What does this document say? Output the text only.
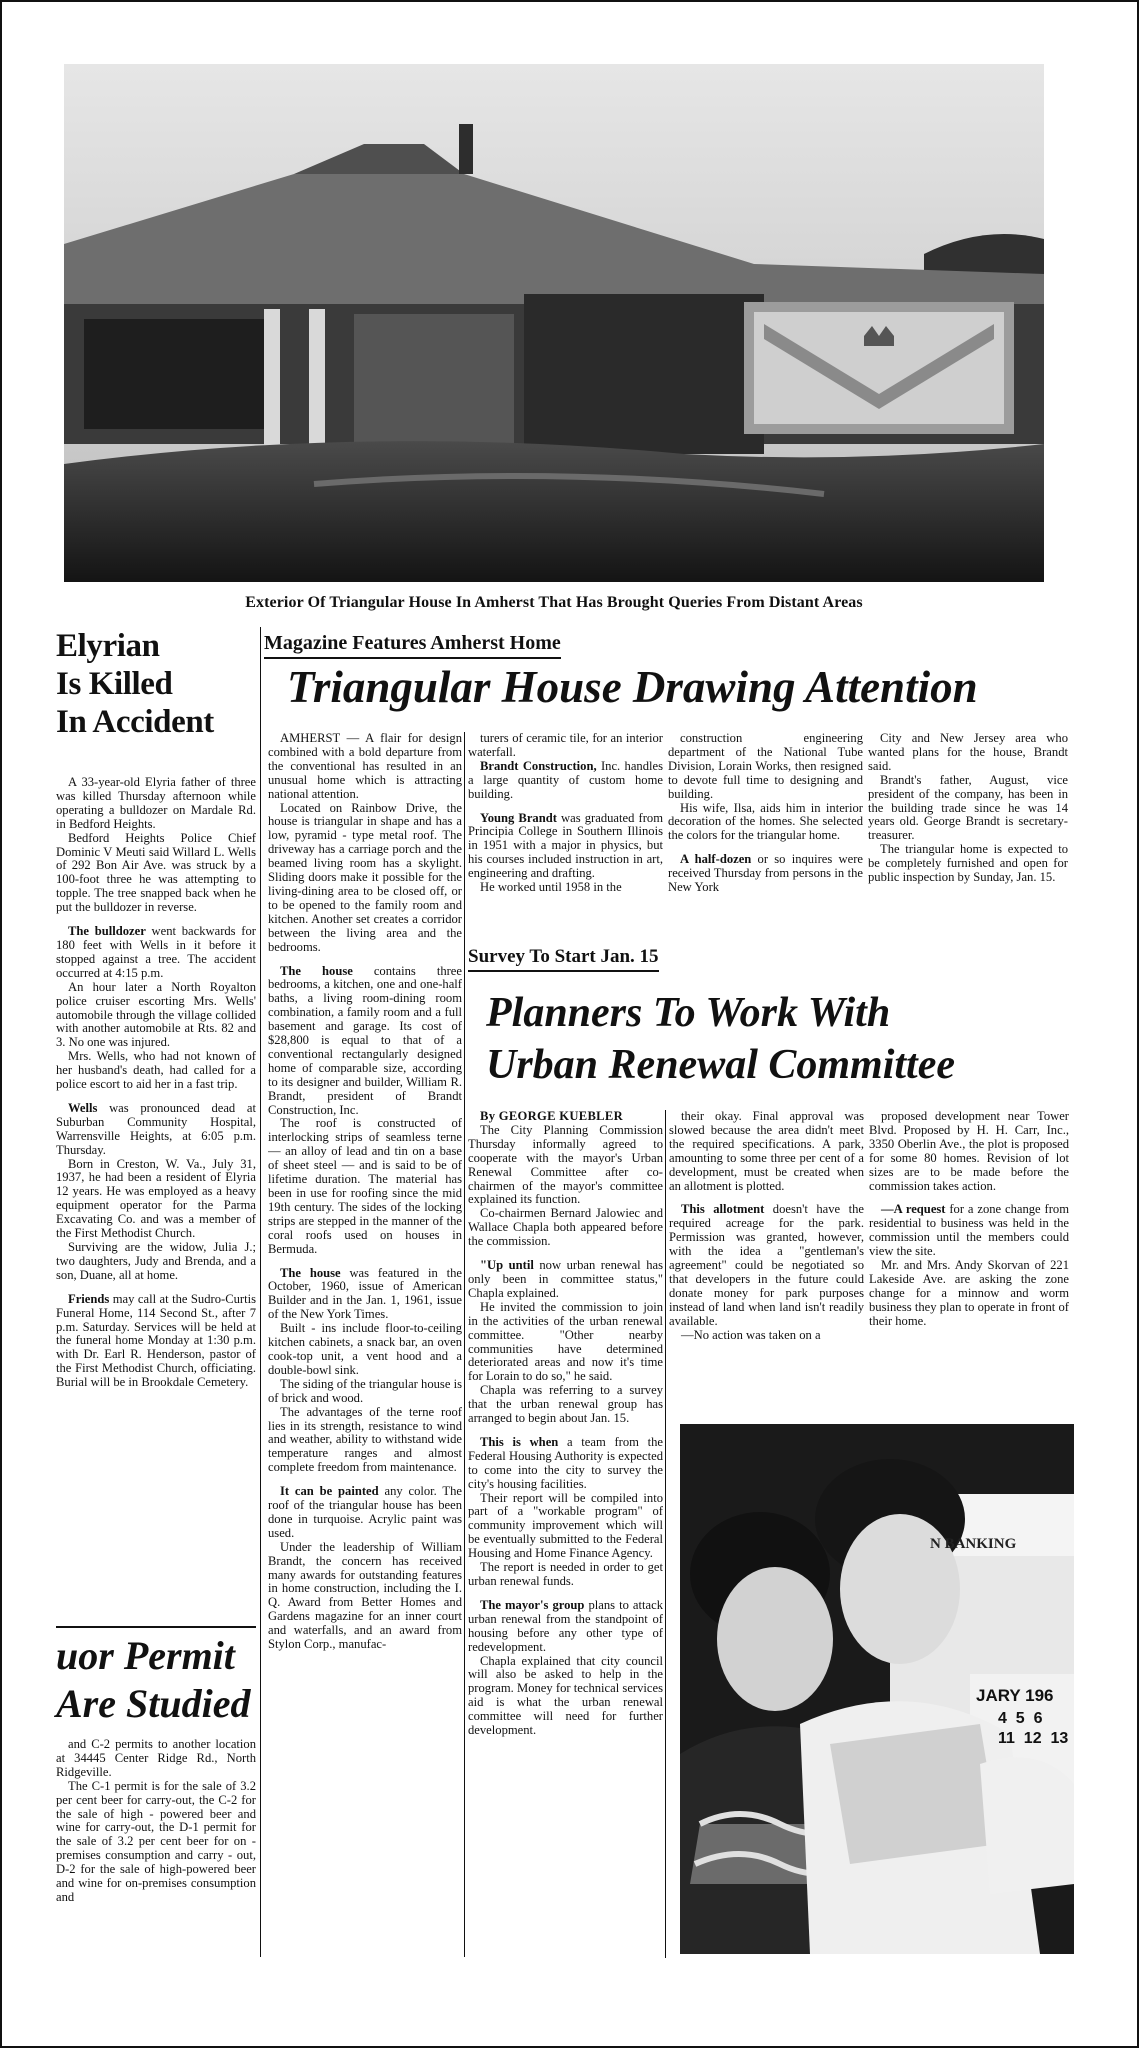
Exterior Of Triangular House In Amherst That Has Brought Queries From Distant Areas
Elyrian
Is Killed
In Accident

A 33-year-old Elyria father of three was killed Thursday afternoon while operating a bulldozer on Mardale Rd. in Bedford Heights.

Bedford Heights Police Chief Dominic V Meuti said Willard L. Wells of 292 Bon Air Ave. was struck by a 100-foot three he was attempting to topple. The tree snapped back when he put the bulldozer in reverse.

The bulldozer went backwards for 180 feet with Wells in it before it stopped against a tree. The accident occurred at 4:15 p.m.

An hour later a North Royalton police cruiser escorting Mrs. Wells' automobile through the village collided with another automobile at Rts. 82 and 3. No one was injured.

Mrs. Wells, who had not known of her husband's death, had called for a police escort to aid her in a fast trip.

Wells was pronounced dead at Suburban Community Hospital, Warrensville Heights, at 6:05 p.m. Thursday.

Born in Creston, W. Va., July 31, 1937, he had been a resident of Elyria 12 years. He was employed as a heavy equipment operator for the Parma Excavating Co. and was a member of the First Methodist Church.

Surviving are the widow, Julia J.; two daughters, Judy and Brenda, and a son, Duane, all at home.

Friends may call at the Sudro-Curtis Funeral Home, 114 Second St., after 7 p.m. Saturday. Services will be held at the funeral home Monday at 1:30 p.m. with Dr. Earl R. Henderson, pastor of the First Methodist Church, officiating. Burial will be in Brookdale Cemetery.

uor Permit
Are Studied

and C-2 permits to another location at 34445 Center Ridge Rd., North Ridgeville.

The C-1 permit is for the sale of 3.2 per cent beer for carry-out, the C-2 for the sale of high - powered beer and wine for carry-out, the D-1 permit for the sale of 3.2 per cent beer for on - premises consumption and carry - out, D-2 for the sale of high-powered beer and wine for on-premises consumption and

Magazine Features Amherst Home
Triangular House Drawing Attention

AMHERST — A flair for design combined with a bold departure from the conventional has resulted in an unusual home which is attracting national attention.

Located on Rainbow Drive, the house is triangular in shape and has a low, pyramid - type metal roof. The driveway has a carriage porch and the beamed living room has a skylight. Sliding doors make it possible for the living-dining area to be closed off, or to be opened to the family room and kitchen. Another set creates a corridor between the living area and the bedrooms.

The house contains three bedrooms, a kitchen, one and one-half baths, a living room-dining room combination, a family room and a full basement and garage. Its cost of $28,800 is equal to that of a conventional rectangularly designed home of comparable size, according to its designer and builder, William R. Brandt, president of Brandt Construction, Inc.

The roof is constructed of interlocking strips of seamless terne — an alloy of lead and tin on a base of sheet steel — and is said to be of lifetime duration. The material has been in use for roofing since the mid 19th century. The sides of the locking strips are stepped in the manner of the coral roofs used on houses in Bermuda.

The house was featured in the October, 1960, issue of American Builder and in the Jan. 1, 1961, issue of the New York Times.

Built - ins include floor-to-ceiling kitchen cabinets, a snack bar, an oven cook-top unit, a vent hood and a double-bowl sink.

The siding of the triangular house is of brick and wood.

The advantages of the terne roof lies in its strength, resistance to wind and weather, ability to withstand wide temperature ranges and almost complete freedom from maintenance.

It can be painted any color. The roof of the triangular house has been done in turquoise. Acrylic paint was used.

Under the leadership of William Brandt, the concern has received many awards for outstanding features in home construction, including the I. Q. Award from Better Homes and Gardens magazine for an inner court and waterfalls, and an award from Stylon Corp., manufac-

turers of ceramic tile, for an interior waterfall.

Brandt Construction, Inc. handles a large quantity of custom home building.

Young Brandt was graduated from Principia College in Southern Illinois in 1951 with a major in physics, but his courses included instruction in art, engineering and drafting.

He worked until 1958 in the

construction engineering department of the National Tube Division, Lorain Works, then resigned to devote full time to designing and building.

His wife, Ilsa, aids him in interior decoration of the homes. She selected the colors for the triangular home.

A half-dozen or so inquires were received Thursday from persons in the New York

City and New Jersey area who wanted plans for the house, Brandt said.

Brandt's father, August, vice president of the company, has been in the building trade since he was 14 years old. George Brandt is secretary-treasurer.

The triangular home is expected to be completely furnished and open for public inspection by Sunday, Jan. 15.

Survey To Start Jan. 15
Planners To Work With
Urban Renewal Committee

By GEORGE KUEBLER

The City Planning Commission Thursday informally agreed to cooperate with the mayor's Urban Renewal Committee after co-chairmen of the mayor's committee explained its function.

Co-chairmen Bernard Jalowiec and Wallace Chapla both appeared before the commission.

"Up until now urban renewal has only been in committee status," Chapla explained.

He invited the commission to join in the activities of the urban renewal committee. "Other nearby communities have determined deteriorated areas and now it's time for Lorain to do so," he said.

Chapla was referring to a survey that the urban renewal group has arranged to begin about Jan. 15.

This is when a team from the Federal Housing Authority is expected to come into the city to survey the city's housing facilities.

Their report will be compiled into part of a "workable program" of community improvement which will be eventually submitted to the Federal Housing and Home Finance Agency.

The report is needed in order to get urban renewal funds.

The mayor's group plans to attack urban renewal from the standpoint of housing before any other type of redevelopment.

Chapla explained that city council will also be asked to help in the program. Money for technical services aid is what the urban renewal committee will need for further development.

their okay. Final approval was slowed because the area didn't meet the required specifications. A park, amounting to some three per cent of a development, must be created when an allotment is plotted.

This allotment doesn't have the required acreage for the park. Permission was granted, however, with the idea a "gentleman's agreement" could be negotiated so that developers in the future could donate money for park purposes instead of land when land isn't readily available.

—No action was taken on a

proposed development near Tower Blvd. Proposed by H. H. Carr, Inc., 3350 Oberlin Ave., the plot is proposed for some 80 homes. Revision of lot sizes are to be made before the commission takes action.

—A request for a zone change from residential to business was held in the commission until the members could view the site.

Mr. and Mrs. Andy Skorvan of 221 Lakeside Ave. are asking the zone change for a minnow and worm business they plan to operate in front of their home.

N BANKING
JARY 196
4  5  6
11  12  13
